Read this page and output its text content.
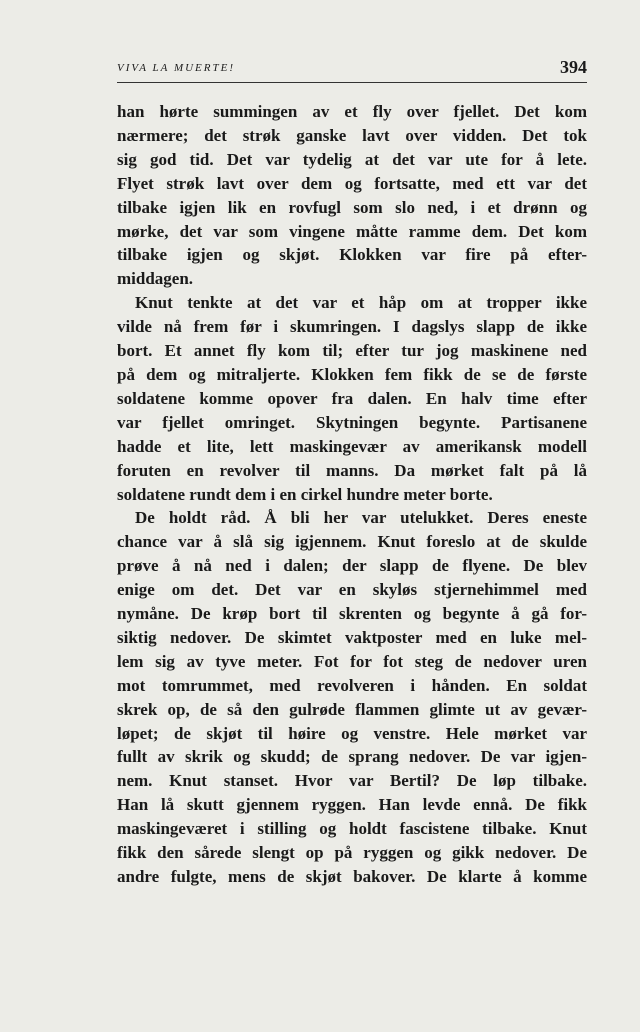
VIVA LA MUERTE!	394

han hørte summingen av et fly over fjellet. Det kom
nærmere; det strøk ganske lavt over vidden. Det tok
sig god tid. Det var tydelig at det var ute for å lete.
Flyet strøk lavt over dem og fortsatte, med ett var det
tilbake igjen lik en rovfugl som slo ned, i et drønn og
mørke, det var som vingene måtte ramme dem. Det kom
tilbake igjen og skjøt. Klokken var fire på efter-
middagen.

Knut tenkte at det var et håp om at tropper ikke
vilde nå frem før i skumringen. I dagslys slapp de ikke
bort. Et annet fly kom til; efter tur jog maskinene ned
på dem og mitraljerte. Klokken fem fikk de se de første
soldatene komme opover fra dalen. En halv time efter
var fjellet omringet. Skytningen begynte. Partisanene
hadde et lite, lett maskingevær av amerikansk modell
foruten en revolver til manns. Da mørket falt på lå
soldatene rundt dem i en cirkel hundre meter borte.

De holdt råd. Å bli her var utelukket. Deres eneste
chance var å slå sig igjennem. Knut foreslo at de skulde
prøve å nå ned i dalen; der slapp de flyene. De blev
enige om det. Det var en skyløs stjernehimmel med
nymåne. De krøp bort til skrenten og begynte å gå for-
siktig nedover. De skimtet vaktposter med en luke mel-
lem sig av tyve meter. Fot for fot steg de nedover uren
mot tomrummet, med revolveren i hånden. En soldat
skrek op, de så den gulrøde flammen glimte ut av gevær-
løpet; de skjøt til høire og venstre. Hele mørket var
fullt av skrik og skudd; de sprang nedover. De var igjen-
nem. Knut stanset. Hvor var Bertil? De løp tilbake.
Han lå skutt gjennem ryggen. Han levde ennå. De fikk
maskingeværet i stilling og holdt fascistene tilbake. Knut
fikk den sårede slengt op på ryggen og gikk nedover. De
andre fulgte, mens de skjøt bakover. De klarte å komme
